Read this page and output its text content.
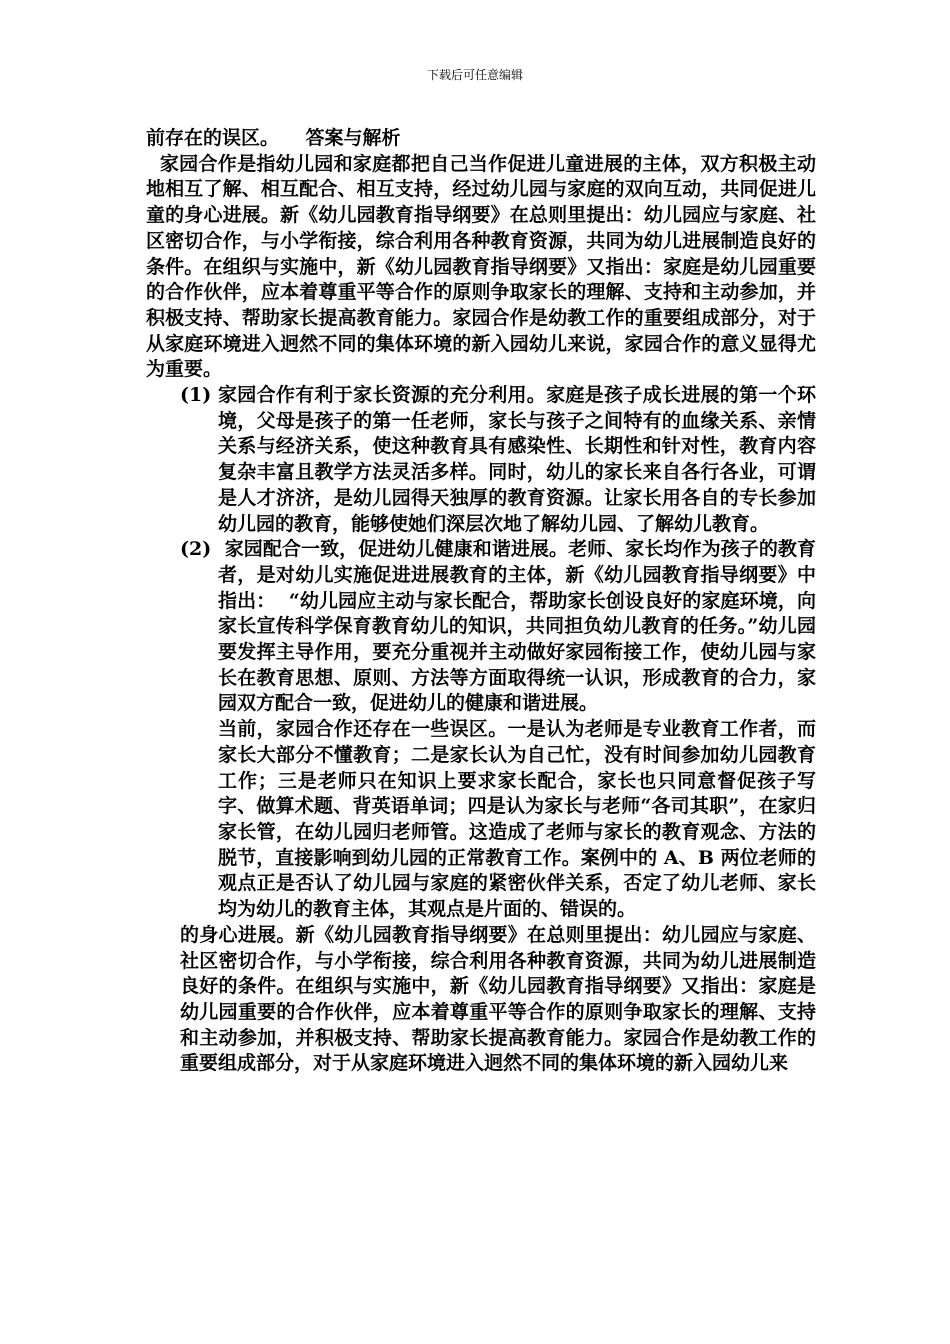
下载后可任意编辑

前存在的误区。    答案与解析

家园合作是指幼儿园和家庭都把自己当作促进儿童进展的主体，双方积极主动地相互了解、相互配合、相互支持，经过幼儿园与家庭的双向互动，共同促进儿童的身心进展。新《幼儿园教育指导纲要》在总则里提出：幼儿园应与家庭、社区密切合作，与小学衔接，综合利用各种教育资源，共同为幼儿进展制造良好的条件。在组织与实施中，新《幼儿园教育指导纲要》又指出：家庭是幼儿园重要的合作伙伴，应本着尊重平等合作的原则争取家长的理解、支持和主动参加，并积极支持、帮助家长提高教育能力。家园合作是幼教工作的重要组成部分，对于从家庭环境进入迥然不同的集体环境的新入园幼儿来说，家园合作的意义显得尤为重要。

(1) 家园合作有利于家长资源的充分利用。家庭是孩子成长进展的第一个环境，父母是孩子的第一任老师，家长与孩子之间特有的血缘关系、亲情关系与经济关系，使这种教育具有感染性、长期性和针对性，教育内容复杂丰富且教学方法灵活多样。同时，幼儿的家长来自各行各业，可谓是人才济济，是幼儿园得天独厚的教育资源。让家长用各自的专长参加幼儿园的教育，能够使她们深层次地了解幼儿园、了解幼儿教育。
(2) 家园配合一致，促进幼儿健康和谐进展。老师、家长均作为孩子的教育者，是对幼儿实施促进进展教育的主体，新《幼儿园教育指导纲要》中指出：  “幼儿园应主动与家长配合，帮助家长创设良好的家庭环境，向家长宣传科学保育教育幼儿的知识，共同担负幼儿教育的任务。”幼儿园要发挥主导作用，要充分重视并主动做好家园衔接工作，使幼儿园与家长在教育思想、原则、方法等方面取得统一认识，形成教育的合力，家园双方配合一致，促进幼儿的健康和谐进展。

当前，家园合作还存在一些误区。一是认为老师是专业教育工作者，而家长大部分不懂教育；二是家长认为自己忙，没有时间参加幼儿园教育工作；三是老师只在知识上要求家长配合，家长也只同意督促孩子写字、做算术题、背英语单词；四是认为家长与老师“各司其职”，在家归家长管，在幼儿园归老师管。这造成了老师与家长的教育观念、方法的脱节，直接影响到幼儿园的正常教育工作。案例中的 A、B 两位老师的观点正是否认了幼儿园与家庭的紧密伙伴关系，否定了幼儿老师、家长均为幼儿的教育主体，其观点是片面的、错误的。

的身心进展。新《幼儿园教育指导纲要》在总则里提出：幼儿园应与家庭、社区密切合作，与小学衔接，综合利用各种教育资源，共同为幼儿进展制造良好的条件。在组织与实施中，新《幼儿园教育指导纲要》又指出：家庭是幼儿园重要的合作伙伴，应本着尊重平等合作的原则争取家长的理解、支持和主动参加，并积极支持、帮助家长提高教育能力。家园合作是幼教工作的重要组成部分，对于从家庭环境进入迥然不同的集体环境的新入园幼儿来
